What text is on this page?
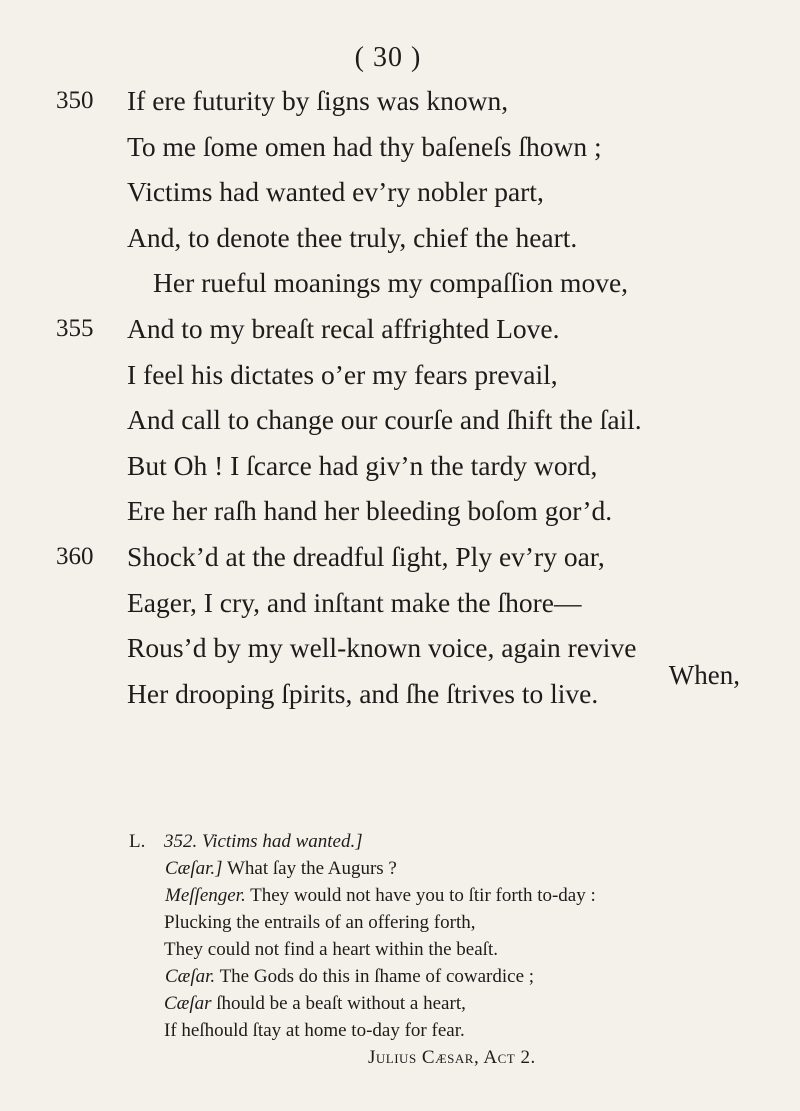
( 30 )
350	If ere futurity by ſigns was known,
To me ſome omen had thy baſeneſs ſhown ;
Victims had wanted ev’ry nobler part,
And, to denote thee truly, chief the heart.
Her rueful moanings my compaſſion move,
355	And to my breaſt recal affrighted Love.
I feel his dictates o’er my fears prevail,
And call to change our courſe and ſhift the ſail.
But Oh ! I ſcarce had giv’n the tardy word,
Ere her raſh hand her bleeding boſom gor’d.
360	Shock’d at the dreadful ſight, Ply ev’ry oar,
Eager, I cry, and inſtant make the ſhore—
Rous’d by my well-known voice, again revive
Her drooping ſpirits, and ſhe ſtrives to live.
When,
L. 352. Victims had wanted.]
Cæſar.] What ſay the Augurs ?
Meſſenger. They would not have you to ſtir forth to-day :
Plucking the entrails of an offering forth,
They could not find a heart within the beaſt.
Cæſar. The Gods do this in ſhame of cowardice ;
Cæſar ſhould be a beaſt without a heart,
If heſhould ſtay at home to-day for fear.
Julius Cæsar, Act 2.
